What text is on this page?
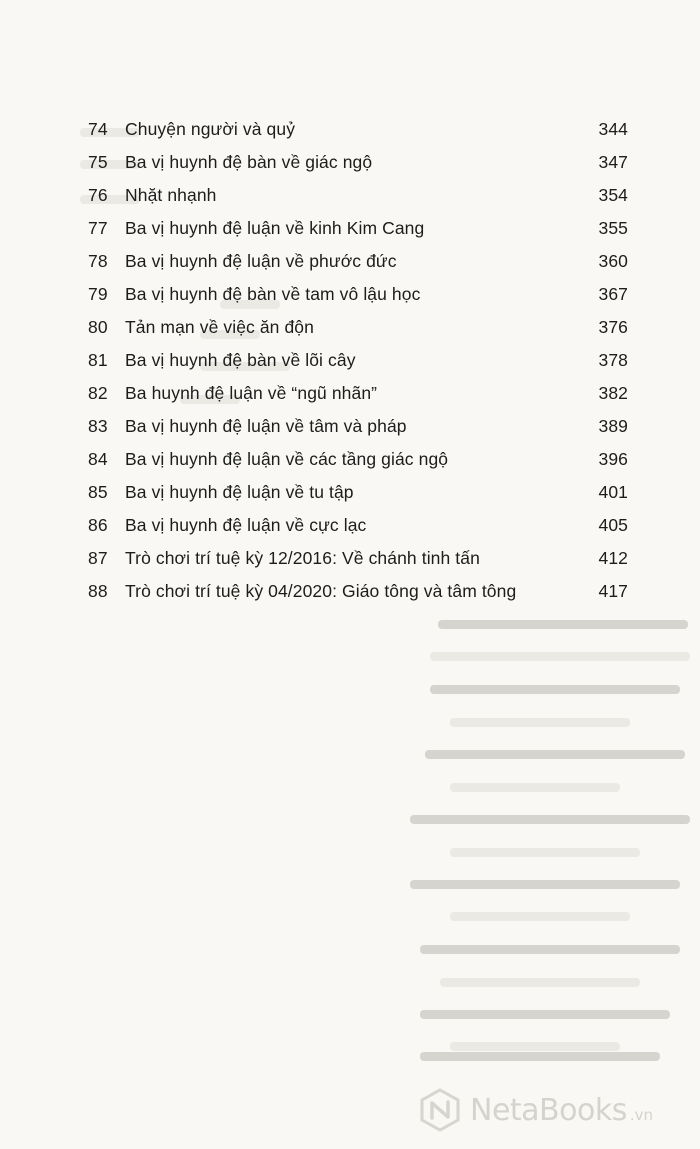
74 Chuyện người và quỷ	344
75 Ba vị huynh đệ bàn về giác ngộ	347
76 Nhặt nhạnh	354
77 Ba vị huynh đệ luận về kinh Kim Cang	355
78 Ba vị huynh đệ luận về phước đức	360
79 Ba vị huynh đệ bàn về tam vô lậu học	367
80 Tản mạn về việc ăn độn	376
81 Ba vị huynh đệ bàn về lõi cây	378
82 Ba huynh đệ luận về “ngũ nhãn”	382
83 Ba vị huynh đệ luận về tâm và pháp	389
84 Ba vị huynh đệ luận về các tầng giác ngộ	396
85 Ba vị huynh đệ luận về tu tập	401
86 Ba vị huynh đệ luận về cực lạc	405
87 Trò chơi trí tuệ kỳ 12/2016: Về chánh tinh tấn	412
88 Trò chơi trí tuệ kỳ 04/2020: Giáo tông và tâm tông	417
NetaBooks .vn
